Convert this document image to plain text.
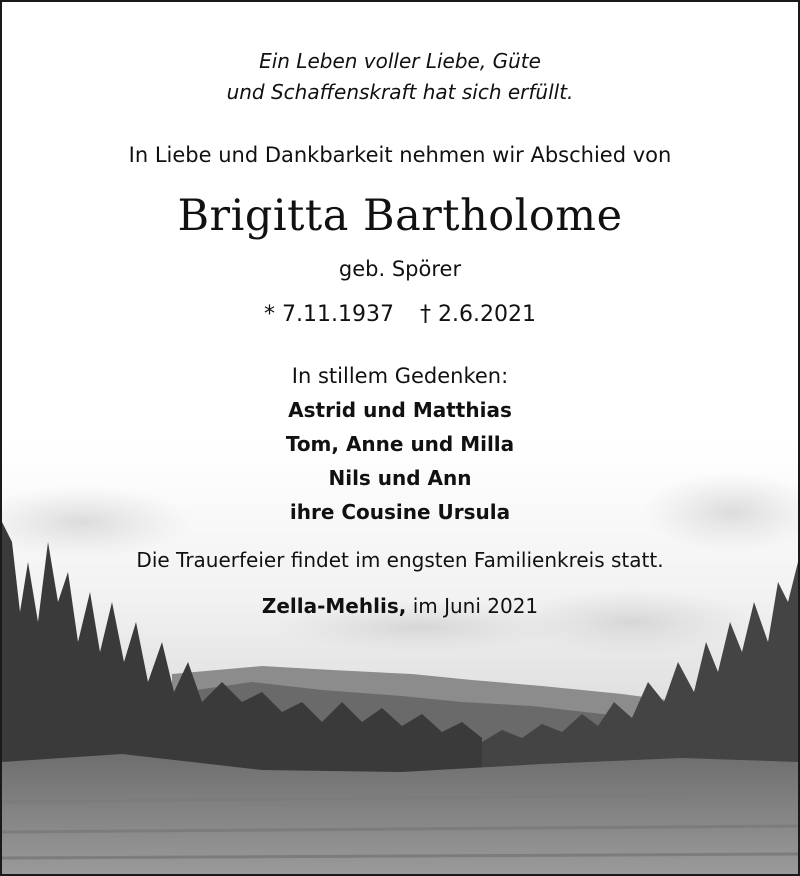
Ein Leben voller Liebe, Güte
und Schaffenskraft hat sich erfüllt.
In Liebe und Dankbarkeit nehmen wir Abschied von
Brigitta Bartholome
geb. Spörer
* 7.11.1937 † 2.6.2021
In stillem Gedenken:
Astrid und Matthias
Tom, Anne und Milla
Nils und Ann
ihre Cousine Ursula
Die Trauerfeier findet im engsten Familienkreis statt.
Zella-Mehlis, im Juni 2021
